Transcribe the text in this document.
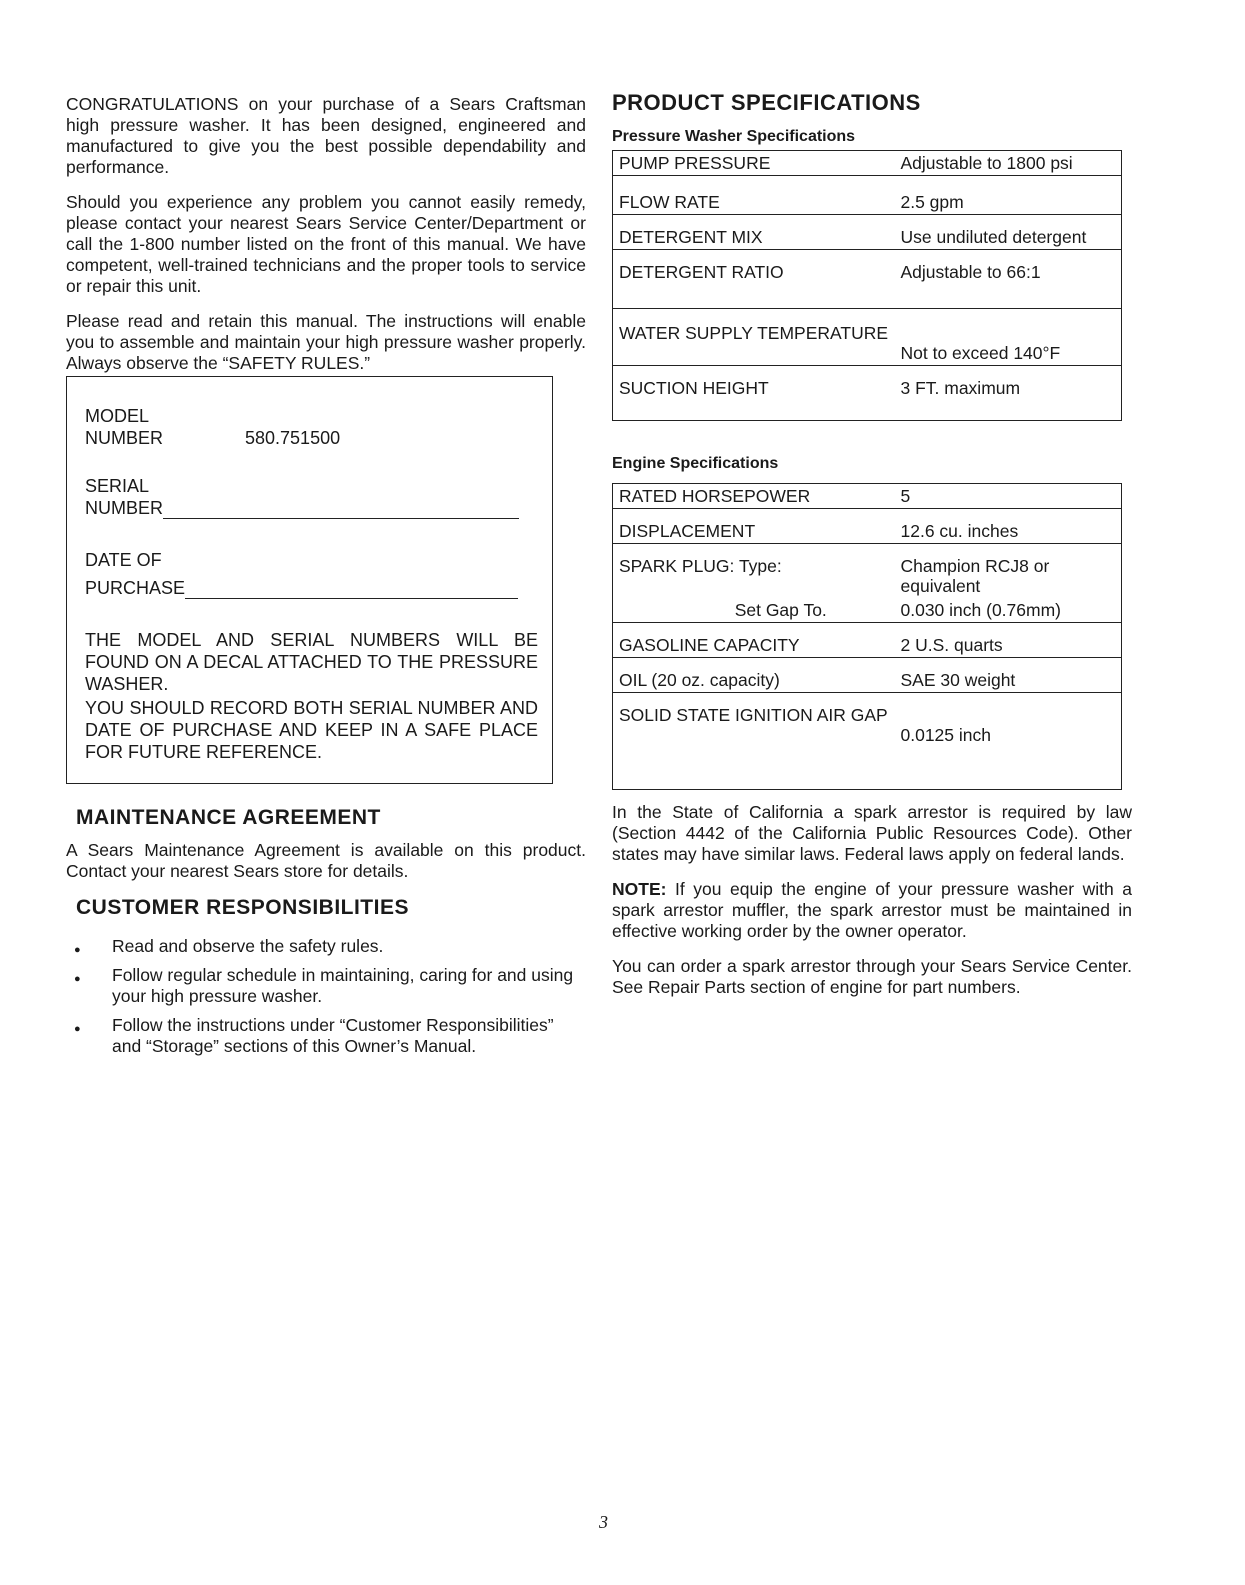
CONGRATULATIONS on your purchase of a Sears Craftsman high pressure washer. It has been designed, engineered and manufactured to give you the best possible dependability and performance.

Should you experience any problem you cannot easily remedy, please contact your nearest Sears Service Center/Department or call the 1-800 number listed on the front of this manual. We have competent, well-trained technicians and the proper tools to service or repair this unit.

Please read and retain this manual. The instructions will enable you to assemble and maintain your high pressure washer properly. Always observe the “SAFETY RULES.”

MODEL
NUMBER	580.751500
SERIAL
NUMBER
DATE OF
PURCHASE
THE MODEL AND SERIAL NUMBERS WILL BE FOUND ON A DECAL ATTACHED TO THE PRESSURE WASHER.
YOU SHOULD RECORD BOTH SERIAL NUMBER AND DATE OF PURCHASE AND KEEP IN A SAFE PLACE FOR FUTURE REFERENCE.
MAINTENANCE AGREEMENT

A Sears Maintenance Agreement is available on this product. Contact your nearest Sears store for details.

CUSTOMER RESPONSIBILITIES
● Read and observe the safety rules.
● Follow regular schedule in maintaining, caring for and using your high pressure washer.
● Follow the instructions under “Customer Responsibilities” and “Storage” sections of this Owner’s Manual.
PRODUCT SPECIFICATIONS
Pressure Washer Specifications
PUMP PRESSURE	Adjustable to 1800 psi
FLOW RATE	2.5 gpm
DETERGENT MIX	Use undiluted detergent
DETERGENT RATIO	Adjustable to 66:1
WATER SUPPLY TEMPERATURE	Not to exceed 140°F
SUCTION HEIGHT	3 FT. maximum
Engine Specifications
RATED HORSEPOWER	5
DISPLACEMENT	12.6 cu. inches
SPARK PLUG: Type:	Champion RCJ8 or equivalent
Set Gap To.	0.030 inch (0.76mm)
GASOLINE CAPACITY	2 U.S. quarts
OIL (20 oz. capacity)	SAE 30 weight
SOLID STATE IGNITION AIR GAP	0.0125 inch

In the State of California a spark arrestor is required by law (Section 4442 of the California Public Resources Code). Other states may have similar laws. Federal laws apply on federal lands.

NOTE: If you equip the engine of your pressure washer with a spark arrestor muffler, the spark arrestor must be maintained in effective working order by the owner operator.

You can order a spark arrestor through your Sears Service Center. See Repair Parts section of engine for part numbers.

3
